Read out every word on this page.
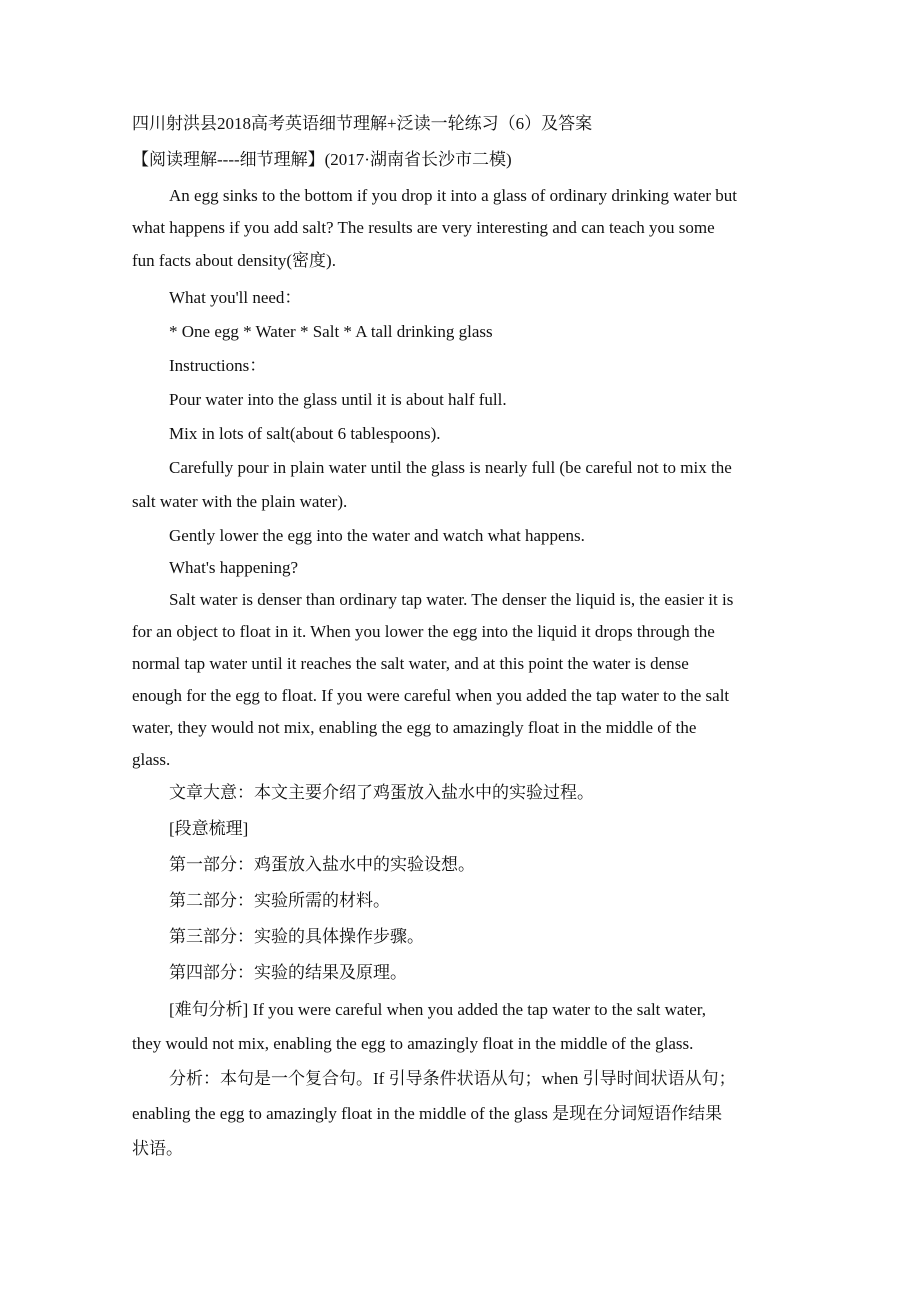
四川射洪县2018高考英语细节理解+泛读一轮练习（6）及答案
【阅读理解----细节理解】(2017·湖南省长沙市二模)
An egg sinks to the bottom if you drop it into a glass of ordinary drinking water but
what happens if you add salt? The results are very interesting and can teach you some
fun facts about density(密度).
What you'll need：
* One egg * Water * Salt * A tall drinking glass
Instructions：
Pour water into the glass until it is about half full.
Mix in lots of salt(about 6 tablespoons).
Carefully pour in plain water until the glass is nearly full (be careful not to mix the
salt water with the plain water).
Gently lower the egg into the water and watch what happens.
What's happening?
Salt water is denser than ordinary tap water. The denser the liquid is, the easier it is
for an object to float in it. When you lower the egg into the liquid it drops through the
normal tap water until it reaches the salt water, and at this point the water is dense
enough for the egg to float. If you were careful when you added the tap water to the salt
water, they would not mix, enabling the egg to amazingly float in the middle of the
glass.
文章大意：本文主要介绍了鸡蛋放入盐水中的实验过程。
[段意梳理]
第一部分：鸡蛋放入盐水中的实验设想。
第二部分：实验所需的材料。
第三部分：实验的具体操作步骤。
第四部分：实验的结果及原理。
[难句分析] If you were careful when you added the tap water to the salt water,
they would not mix, enabling the egg to amazingly float in the middle of the glass.
分析：本句是一个复合句。If 引导条件状语从句；when 引导时间状语从句；
enabling the egg to amazingly float in the middle of the glass 是现在分词短语作结果
状语。
